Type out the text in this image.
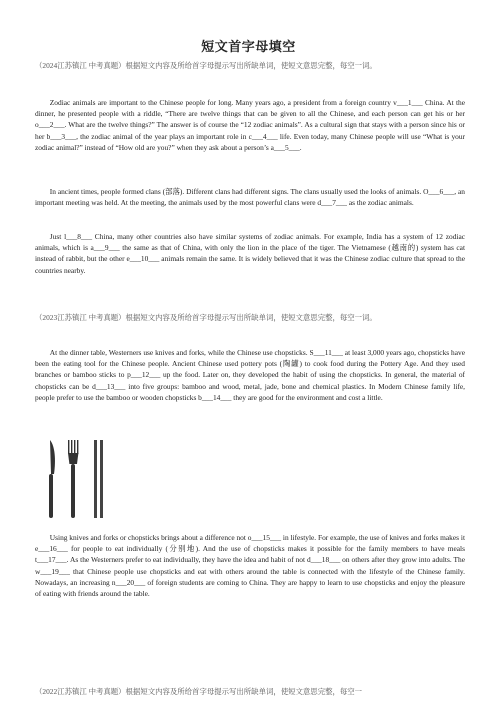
短文首字母填空

（2024江苏镇江 中考真题）根据短文内容及所给首字母提示写出所缺单词，使短文意思完整，每空一词。

Zodiac animals are important to the Chinese people for long. Many years ago, a president from a foreign country v___1___ China. At the dinner, he presented people with a riddle, “There are twelve things that can be given to all the Chinese, and each person can get his or her o___2___. What are the twelve things?” The answer is of course the “12 zodiac animals”. As a cultural sign that stays with a person since his or her b___3___, the zodiac animal of the year plays an important role in c___4___ life. Even today, many Chinese people will use “What is your zodiac animal?” instead of “How old are you?” when they ask about a person’s a___5___.

In ancient times, people formed clans (部落). Different clans had different signs. The clans usually used the looks of animals. O___6___, an important meeting was held. At the meeting, the animals used by the most powerful clans were d___7___ as the zodiac animals.

Just l___8___ China, many other countries also have similar systems of zodiac animals. For example, India has a system of 12 zodiac animals, which is a___9___ the same as that of China, with only the lion in the place of the tiger. The Vietnamese (越南的) system has cat instead of rabbit, but the other e___10___ animals remain the same. It is widely believed that it was the Chinese zodiac culture that spread to the countries nearby.

（2023江苏镇江 中考真题）根据短文内容及所给首字母提示写出所缺单词，使短文意思完整，每空一词。

At the dinner table, Westerners use knives and forks, while the Chinese use chopsticks. S___11___ at least 3,000 years ago, chopsticks have been the eating tool for the Chinese people. Ancient Chinese used pottery pots (陶罐) to cook food during the Pottery Age. And they used branches or bamboo sticks to p___12___ up the food. Later on, they developed the habit of using the chopsticks. In general, the material of chopsticks can be d___13___ into five groups: bamboo and wood, metal, jade, bone and chemical plastics. In Modern Chinese family life, people prefer to use the bamboo or wooden chopsticks b___14___ they are good for the environment and cost a little.

Using knives and forks or chopsticks brings about a difference not o___15___ in lifestyle. For example, the use of knives and forks makes it e___16___ for people to eat individually (分别地). And the use of chopsticks makes it possible for the family members to have meals t___17___. As the Westerners prefer to eat individually, they have the idea and habit of not d___18___ on others after they grow into adults. The w___19___ that Chinese people use chopsticks and eat with others around the table is connected with the lifestyle of the Chinese family. Nowadays, an increasing n___20___ of foreign students are coming to China. They are happy to learn to use chopsticks and enjoy the pleasure of eating with friends around the table.

（2022江苏镇江 中考真题）根据短文内容及所给首字母提示写出所缺单词，使短文意思完整，每空一
